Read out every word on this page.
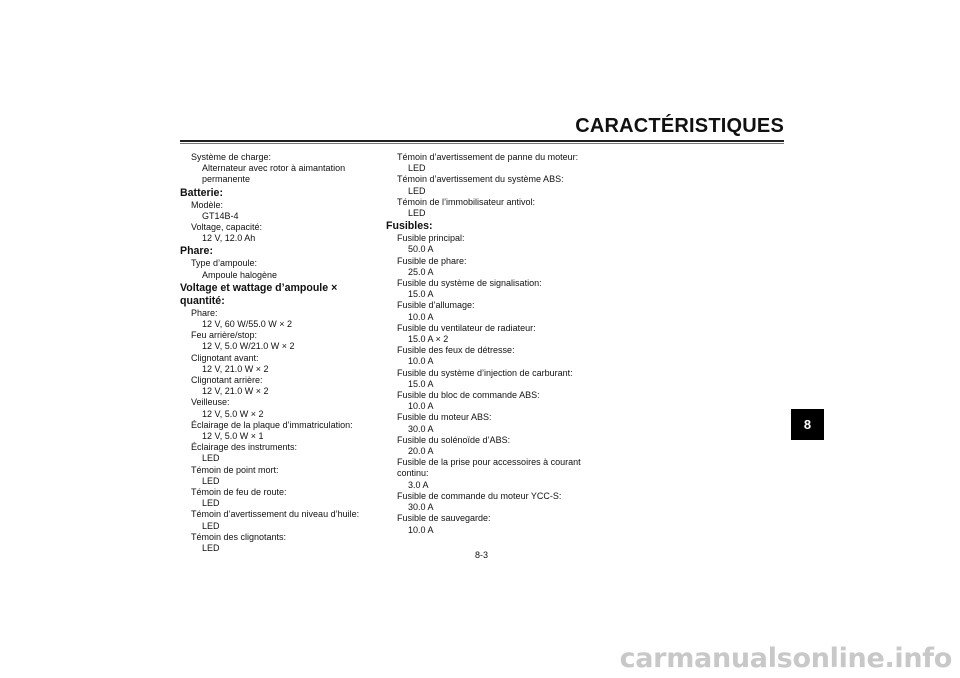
CARACTÉRISTIQUES
Système de charge:
Alternateur avec rotor à aimantation
permanente
Batterie:
Modèle:
GT14B-4
Voltage, capacité:
12 V, 12.0 Ah
Phare:
Type d’ampoule:
Ampoule halogène
Voltage et wattage d’ampoule × quantité:
Phare:
12 V, 60 W/55.0 W × 2
Feu arrière/stop:
12 V, 5.0 W/21.0 W × 2
Clignotant avant:
12 V, 21.0 W × 2
Clignotant arrière:
12 V, 21.0 W × 2
Veilleuse:
12 V, 5.0 W × 2
Éclairage de la plaque d’immatriculation:
12 V, 5.0 W × 1
Éclairage des instruments:
LED
Témoin de point mort:
LED
Témoin de feu de route:
LED
Témoin d’avertissement du niveau d’huile:
LED
Témoin des clignotants:
LED
Témoin d’avertissement de panne du moteur:
LED
Témoin d’avertissement du système ABS:
LED
Témoin de l’immobilisateur antivol:
LED
Fusibles:
Fusible principal:
50.0 A
Fusible de phare:
25.0 A
Fusible du système de signalisation:
15.0 A
Fusible d’allumage:
10.0 A
Fusible du ventilateur de radiateur:
15.0 A × 2
Fusible des feux de détresse:
10.0 A
Fusible du système d’injection de carburant:
15.0 A
Fusible du bloc de commande ABS:
10.0 A
Fusible du moteur ABS:
30.0 A
Fusible du solénoïde d’ABS:
20.0 A
Fusible de la prise pour accessoires à courant
continu:
3.0 A
Fusible de commande du moteur YCC-S:
30.0 A
Fusible de sauvegarde:
10.0 A
8
8-3
carmanualsonline.info
